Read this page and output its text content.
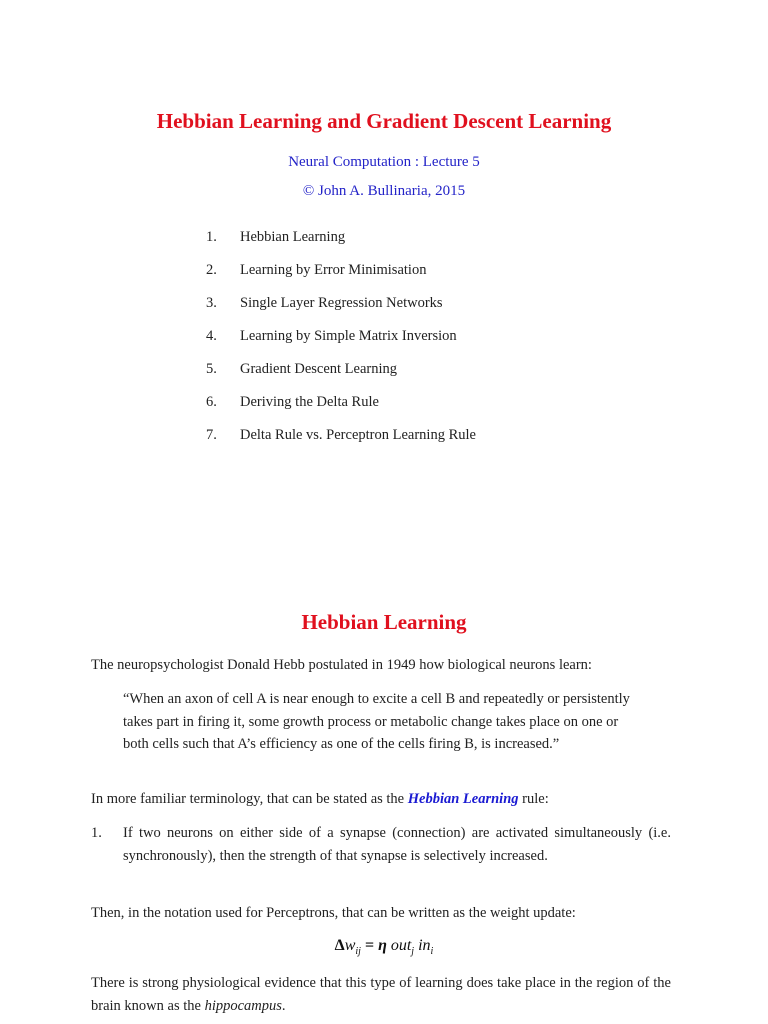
Hebbian Learning and Gradient Descent Learning
Neural Computation : Lecture 5
© John A. Bullinaria, 2015
1.	Hebbian Learning
2.	Learning by Error Minimisation
3.	Single Layer Regression Networks
4.	Learning by Simple Matrix Inversion
5.	Gradient Descent Learning
6.	Deriving the Delta Rule
7.	Delta Rule vs. Perceptron Learning Rule
Hebbian Learning
The neuropsychologist Donald Hebb postulated in 1949 how biological neurons learn:
“When an axon of cell A is near enough to excite a cell B and repeatedly or persistently takes part in firing it, some growth process or metabolic change takes place on one or both cells such that A’s efficiency as one of the cells firing B, is increased.”
In more familiar terminology, that can be stated as the Hebbian Learning rule:
1.	If two neurons on either side of a synapse (connection) are activated simultaneously (i.e. synchronously), then the strength of that synapse is selectively increased.
Then, in the notation used for Perceptrons, that can be written as the weight update:
$\Delta w_{ij} = \eta$ out$_j$ $in_i$
There is strong physiological evidence that this type of learning does take place in the region of the brain known as the hippocampus.
